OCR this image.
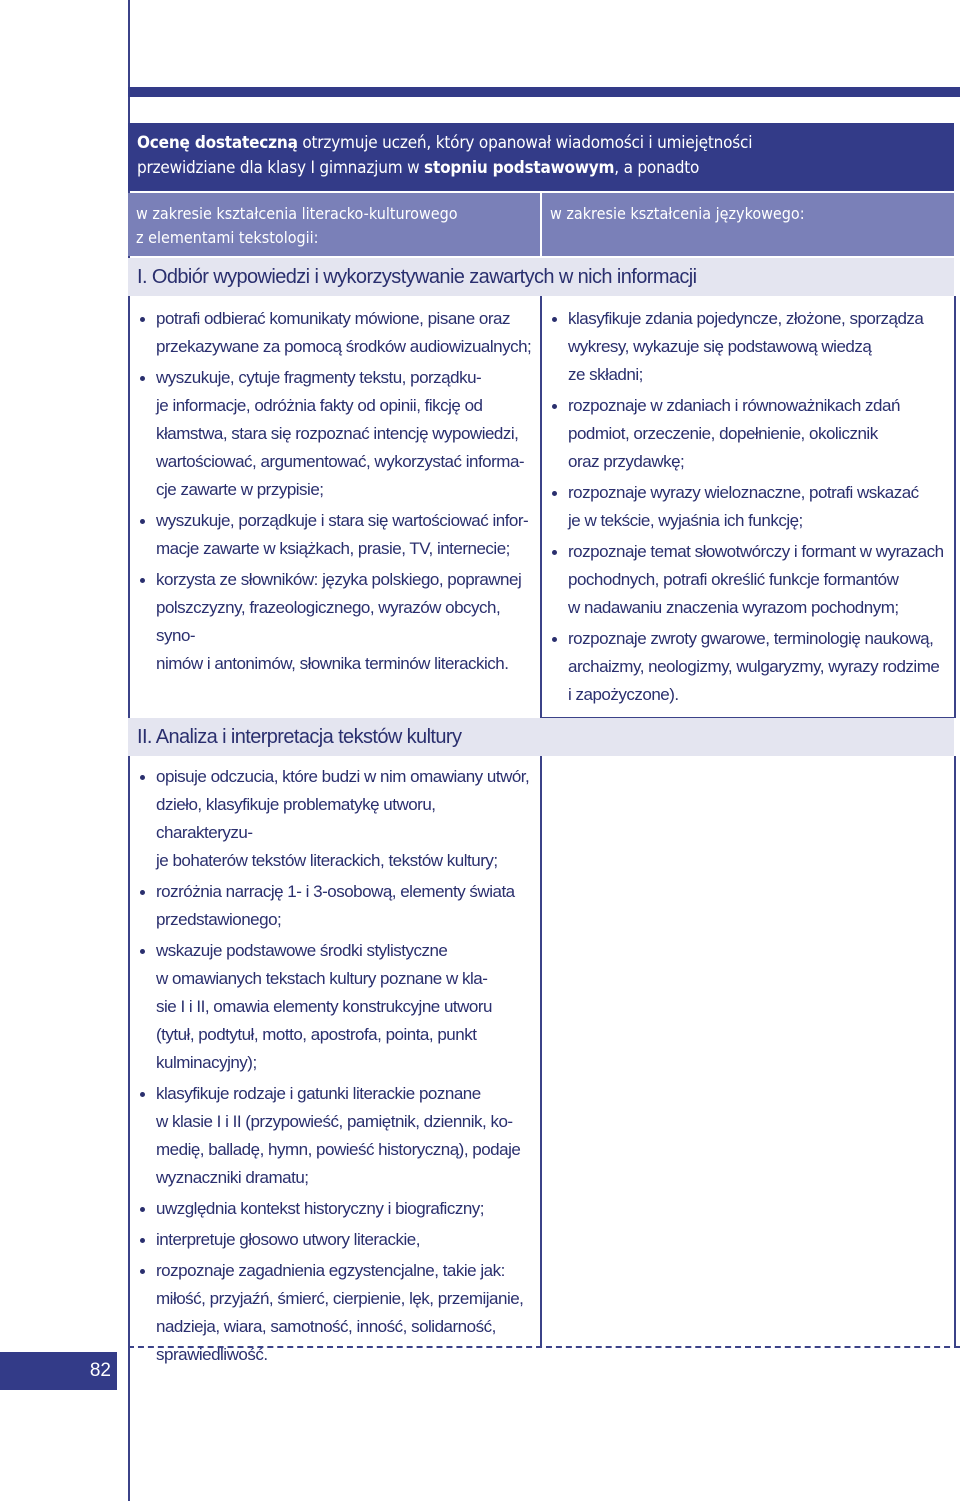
Ocenę dostateczną otrzymuje uczeń, który opanował wiadomości i umiejętności
przewidziane dla klasy I gimnazjum w stopniu podstawowym, a ponadto
w zakresie kształcenia literacko-kulturowego
z elementami tekstologii:
w zakresie kształcenia językowego:
I. Odbiór wypowiedzi i wykorzystywanie zawartych w nich informacji
II. Analiza i interpretacja tekstów kultury
potrafi odbierać komunikaty mówione, pisane oraz
przekazywane za pomocą środków audiowizualnych;
wyszukuje, cytuje fragmenty tekstu, porządku-
je informacje, odróżnia fakty od opinii, fikcję od
kłamstwa, stara się rozpoznać intencję wypowiedzi,
wartościować, argumentować, wykorzystać informa-
cje zawarte w przypisie;
wyszukuje, porządkuje i stara się wartościować infor-
macje zawarte w książkach, prasie, TV, internecie;
korzysta ze słowników: języka polskiego, poprawnej
polszczyzny, frazeologicznego, wyrazów obcych, syno-
nimów i antonimów, słownika terminów literackich.
klasyfikuje zdania pojedyncze, złożone, sporządza
wykresy, wykazuje się podstawową wiedzą
ze składni;
rozpoznaje w zdaniach i równoważnikach zdań
podmiot, orzeczenie, dopełnienie, okolicznik
oraz przydawkę;
rozpoznaje wyrazy wieloznaczne, potrafi wskazać
je w tekście, wyjaśnia ich funkcję;
rozpoznaje temat słowotwórczy i formant w wyrazach
pochodnych, potrafi określić funkcje formantów
w nadawaniu znaczenia wyrazom pochodnym;
rozpoznaje zwroty gwarowe, terminologię naukową,
archaizmy, neologizmy, wulgaryzmy, wyrazy rodzime
i zapożyczone).
opisuje odczucia, które budzi w nim omawiany utwór,
dzieło, klasyfikuje problematykę utworu, charakteryzu-
je bohaterów tekstów literackich, tekstów kultury;
rozróżnia narrację 1- i 3-osobową, elementy świata
przedstawionego;
wskazuje podstawowe środki stylistyczne
w omawianych tekstach kultury poznane w kla-
sie I i II, omawia elementy konstrukcyjne utworu
(tytuł, podtytuł, motto, apostrofa, pointa, punkt
kulminacyjny);
klasyfikuje rodzaje i gatunki literackie poznane
w klasie I i II (przypowieść, pamiętnik, dziennik, ko-
medię, balladę, hymn, powieść historyczną), podaje
wyznaczniki dramatu;
uwzględnia kontekst historyczny i biograficzny;
interpretuje głosowo utwory literackie,
rozpoznaje zagadnienia egzystencjalne, takie jak:
miłość, przyjaźń, śmierć, cierpienie, lęk, przemijanie,
nadzieja, wiara, samotność, inność, solidarność,
sprawiedliwość.
82
